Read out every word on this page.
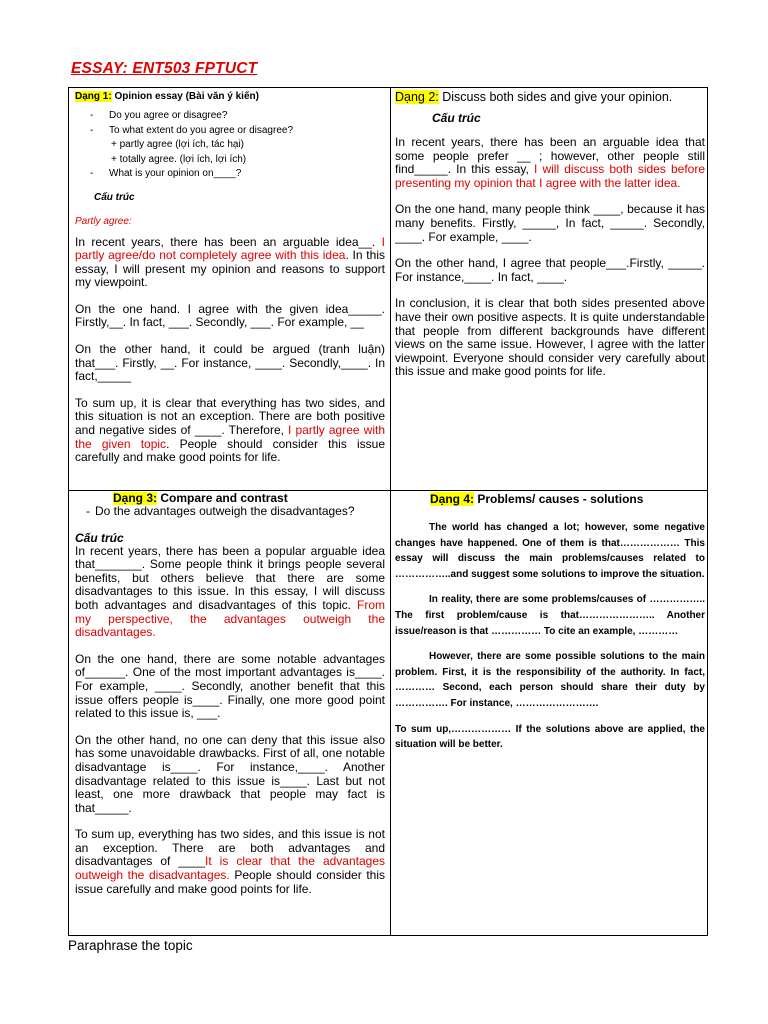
ESSAY: ENT503 FPTUCT

Dạng 1: Opinion essay (Bài văn ý kiến)

- Do you agree or disagree?
- To what extent do you agree or disagree?
+ partly agree (lợi ích, tác hại)
+ totally agree. (lợi ích, lợi ích)
- What is your opinion on____?

Cấu trúc

Partly agree:

In recent years, there has been an arguable idea__. I partly agree/do not completely agree with this idea. In this essay, I will present my opinion and reasons to support my viewpoint.

On the one hand. I agree with the given idea_____. Firstly,__. In fact, ___. Secondly, ___. For example, __

On the other hand, it could be argued (tranh luận) that___. Firstly, __. For instance, ____. Secondly,____. In fact,_____

To sum up, it is clear that everything has two sides, and this situation is not an exception. There are both positive and negative sides of ____. Therefore, I partly agree with the given topic. People should consider this issue carefully and make good points for life.

Dạng 2: Discuss both sides and give your opinion.

Cấu trúc

In recent years, there has been an arguable idea that some people prefer __ ; however, other people still find_____. In this essay, I will discuss both sides before presenting my opinion that I agree with the latter idea.

On the one hand, many people think ____, because it has many benefits. Firstly, _____, In fact, _____. Secondly, ____. For example, ____.

On the other hand, I agree that people___.Firstly, _____. For instance,____. In fact, ____.

In conclusion, it is clear that both sides presented above have their own positive aspects. It is quite understandable that people from different backgrounds have different views on the same issue. However, I agree with the latter viewpoint. Everyone should consider very carefully about this issue and make good points for life.

Dạng 3: Compare and contrast

- Do the advantages outweigh the disadvantages?

Cấu trúc

In recent years, there has been a popular arguable idea that_______. Some people think it brings people several benefits, but others believe that there are some disadvantages to this issue. In this essay, I will discuss both advantages and disadvantages of this topic. From my perspective, the advantages outweigh the disadvantages.

On the one hand, there are some notable advantages of______. One of the most important advantages is____. For example, ____. Secondly, another benefit that this issue offers people is____. Finally, one more good point related to this issue is, ___.

On the other hand, no one can deny that this issue also has some unavoidable drawbacks. First of all, one notable disadvantage is____. For instance,____. Another disadvantage related to this issue is____. Last but not least, one more drawback that people may fact is that_____.

To sum up, everything has two sides, and this issue is not an exception. There are both advantages and disadvantages of ____It is clear that the advantages outweigh the disadvantages. People should consider this issue carefully and make good points for life.

Dạng 4: Problems/ causes - solutions

The world has changed a lot; however, some negative changes have happened. One of them is that……………… This essay will discuss the main problems/causes related to ……………..and suggest some solutions to improve the situation.

In reality, there are some problems/causes of …………….. The first problem/cause is that………………….. Another issue/reason is that …………… To cite an example, …………

However, there are some possible solutions to the main problem. First, it is the responsibility of the authority. In fact, ………… Second, each person should share their duty by ……………. For instance, …………………….

To sum up,……………… If the solutions above are applied, the situation will be better.

Paraphrase the topic
